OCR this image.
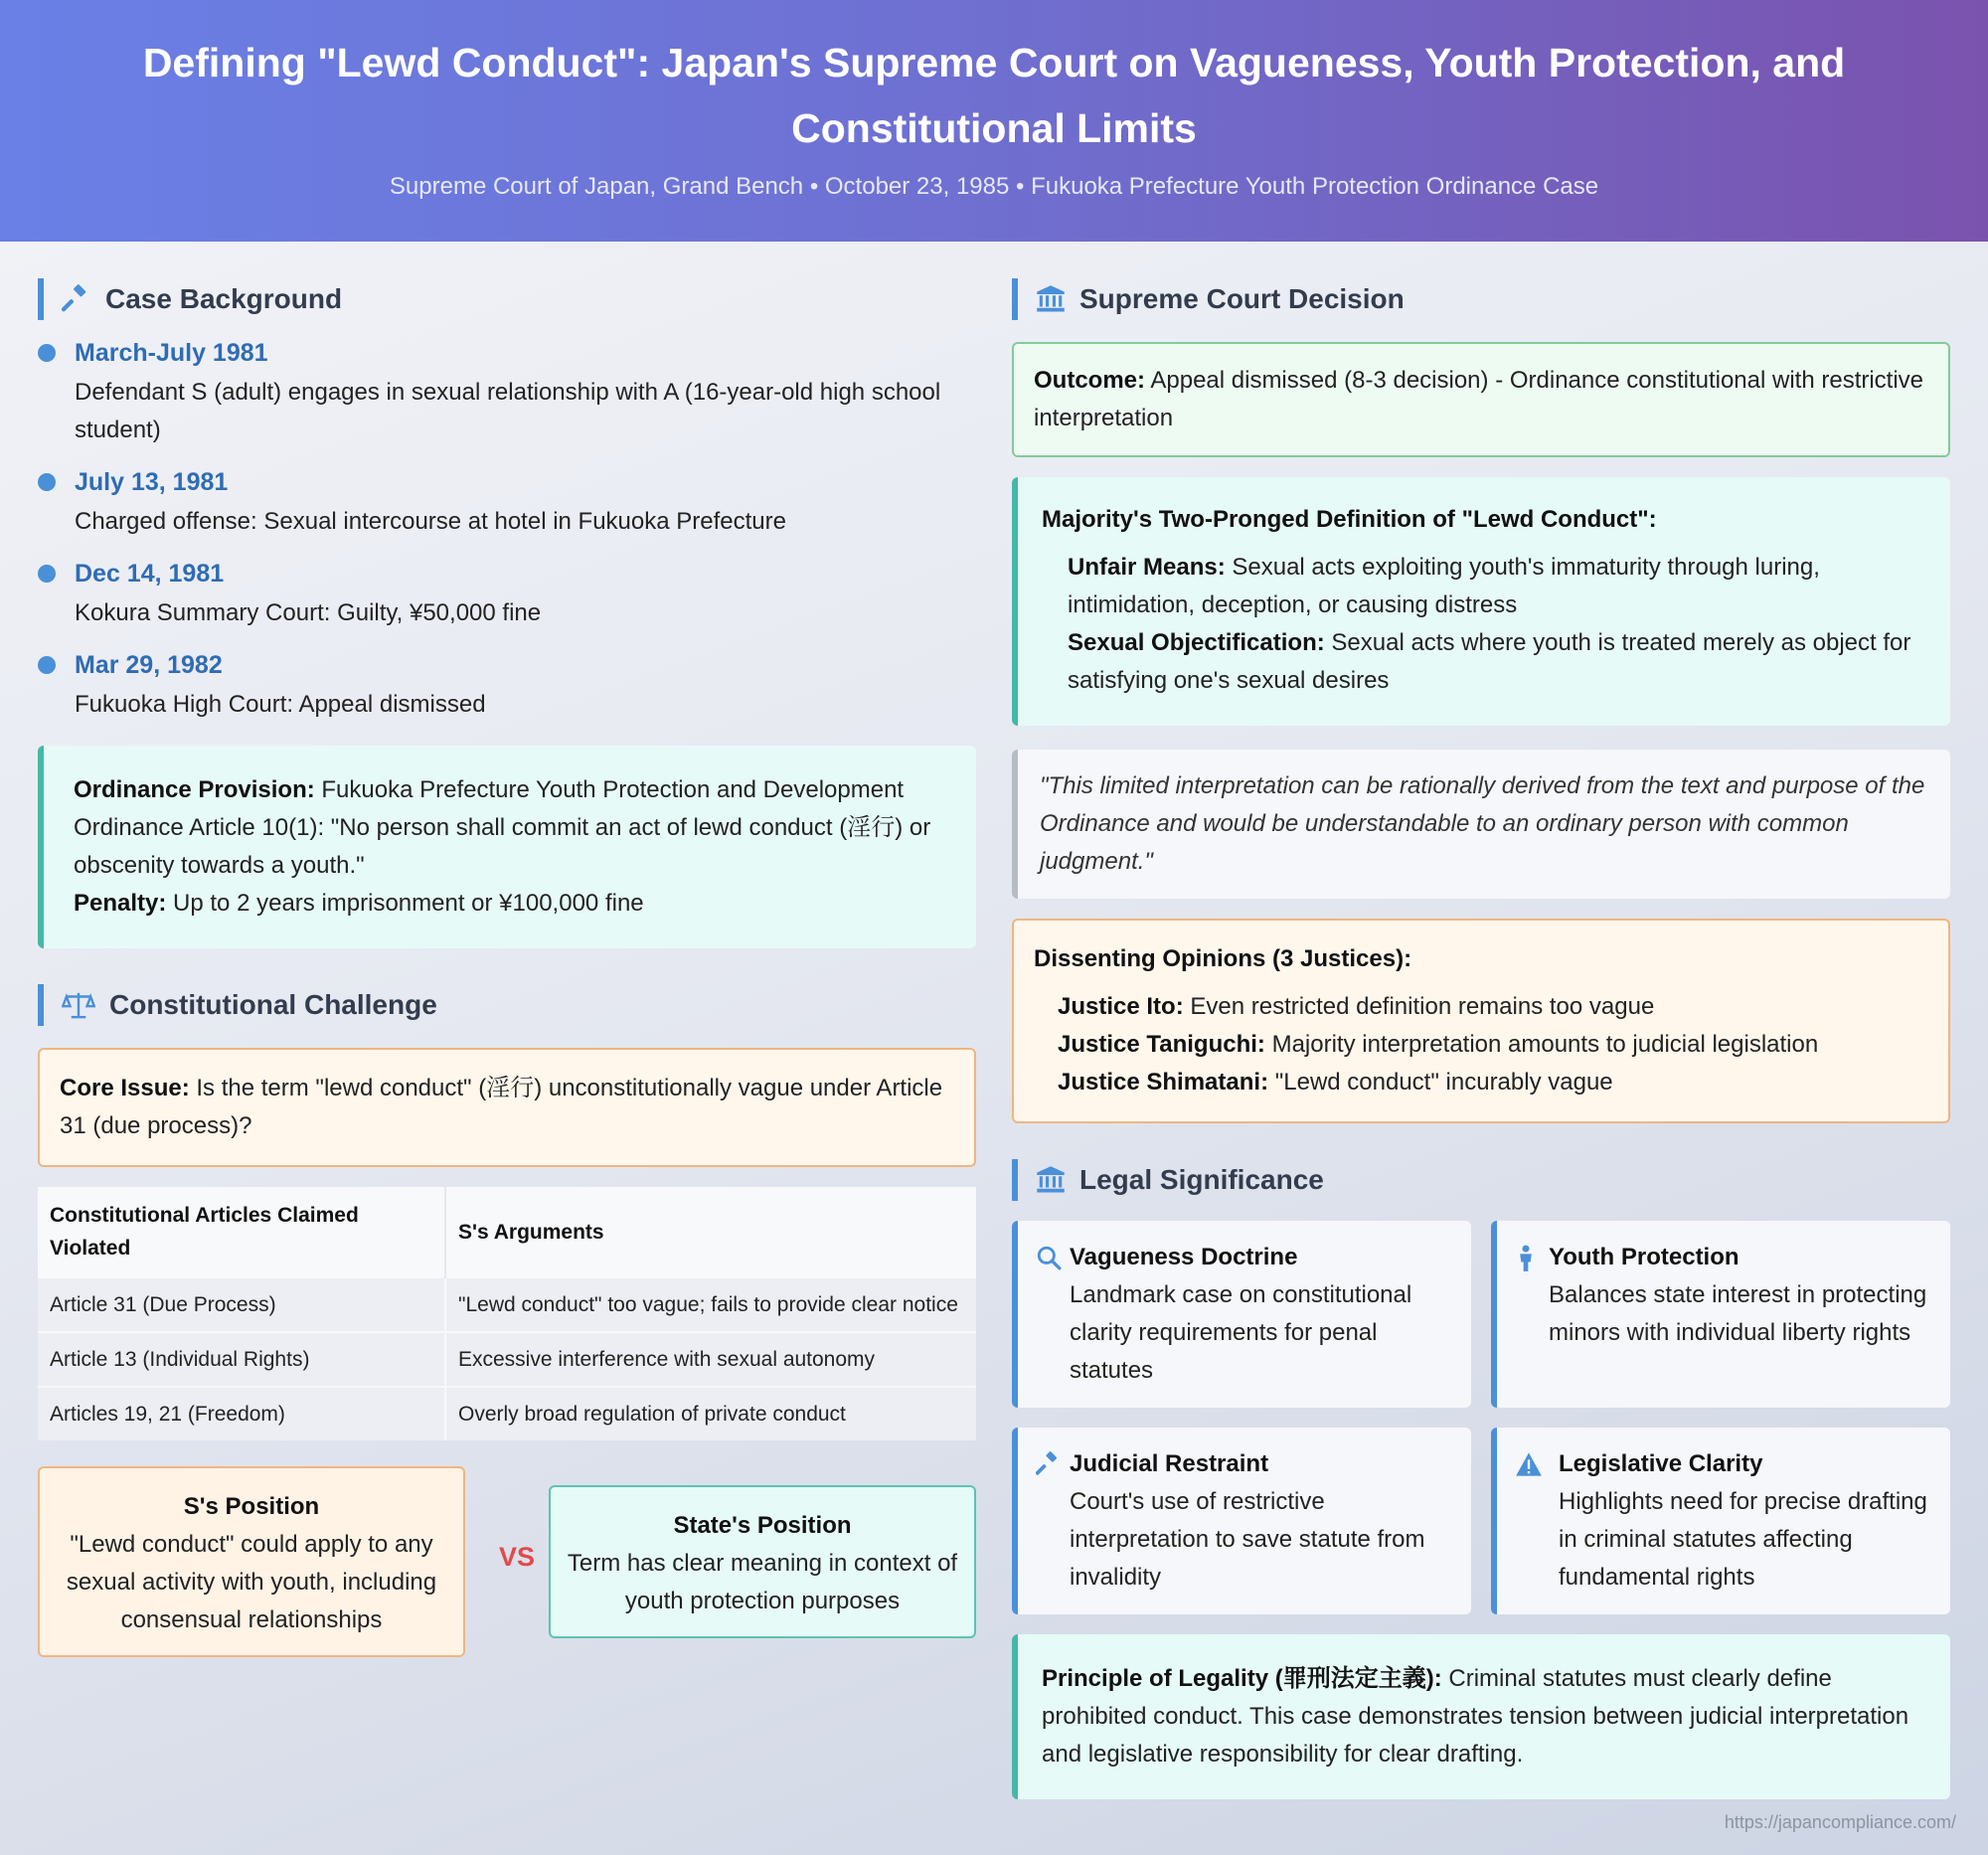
Defining "Lewd Conduct": Japan's Supreme Court on Vagueness, Youth Protection, and Constitutional Limits
Supreme Court of Japan, Grand Bench • October 23, 1985 • Fukuoka Prefecture Youth Protection Ordinance Case
Case Background
March-July 1981
Defendant S (adult) engages in sexual relationship with A (16-year-old high school student)
July 13, 1981
Charged offense: Sexual intercourse at hotel in Fukuoka Prefecture
Dec 14, 1981
Kokura Summary Court: Guilty, ¥50,000 fine
Mar 29, 1982
Fukuoka High Court: Appeal dismissed
Ordinance Provision: Fukuoka Prefecture Youth Protection and Development Ordinance Article 10(1): "No person shall commit an act of lewd conduct (淫行) or obscenity towards a youth."
Penalty: Up to 2 years imprisonment or ¥100,000 fine
Constitutional Challenge
Core Issue: Is the term "lewd conduct" (淫行) unconstitutionally vague under Article 31 (due process)?
Constitutional Articles Claimed Violated	S's Arguments
Article 31 (Due Process)	"Lewd conduct" too vague; fails to provide clear notice
Article 13 (Individual Rights)	Excessive interference with sexual autonomy
Articles 19, 21 (Freedom)	Overly broad regulation of private conduct
S's Position
"Lewd conduct" could apply to any sexual activity with youth, including consensual relationships
VS
State's Position
Term has clear meaning in context of youth protection purposes
Supreme Court Decision
Outcome: Appeal dismissed (8-3 decision) - Ordinance constitutional with restrictive interpretation
Majority's Two-Pronged Definition of "Lewd Conduct":
Unfair Means: Sexual acts exploiting youth's immaturity through luring, intimidation, deception, or causing distress
Sexual Objectification: Sexual acts where youth is treated merely as object for satisfying one's sexual desires
"This limited interpretation can be rationally derived from the text and purpose of the Ordinance and would be understandable to an ordinary person with common judgment."
Dissenting Opinions (3 Justices):
Justice Ito: Even restricted definition remains too vague
Justice Taniguchi: Majority interpretation amounts to judicial legislation
Justice Shimatani: "Lewd conduct" incurably vague
Legal Significance
Vagueness Doctrine
Landmark case on constitutional clarity requirements for penal statutes
Youth Protection
Balances state interest in protecting minors with individual liberty rights
Judicial Restraint
Court's use of restrictive interpretation to save statute from invalidity
Legislative Clarity
Highlights need for precise drafting in criminal statutes affecting fundamental rights
Principle of Legality (罪刑法定主義): Criminal statutes must clearly define prohibited conduct. This case demonstrates tension between judicial interpretation and legislative responsibility for clear drafting.
https://japancompliance.com/
